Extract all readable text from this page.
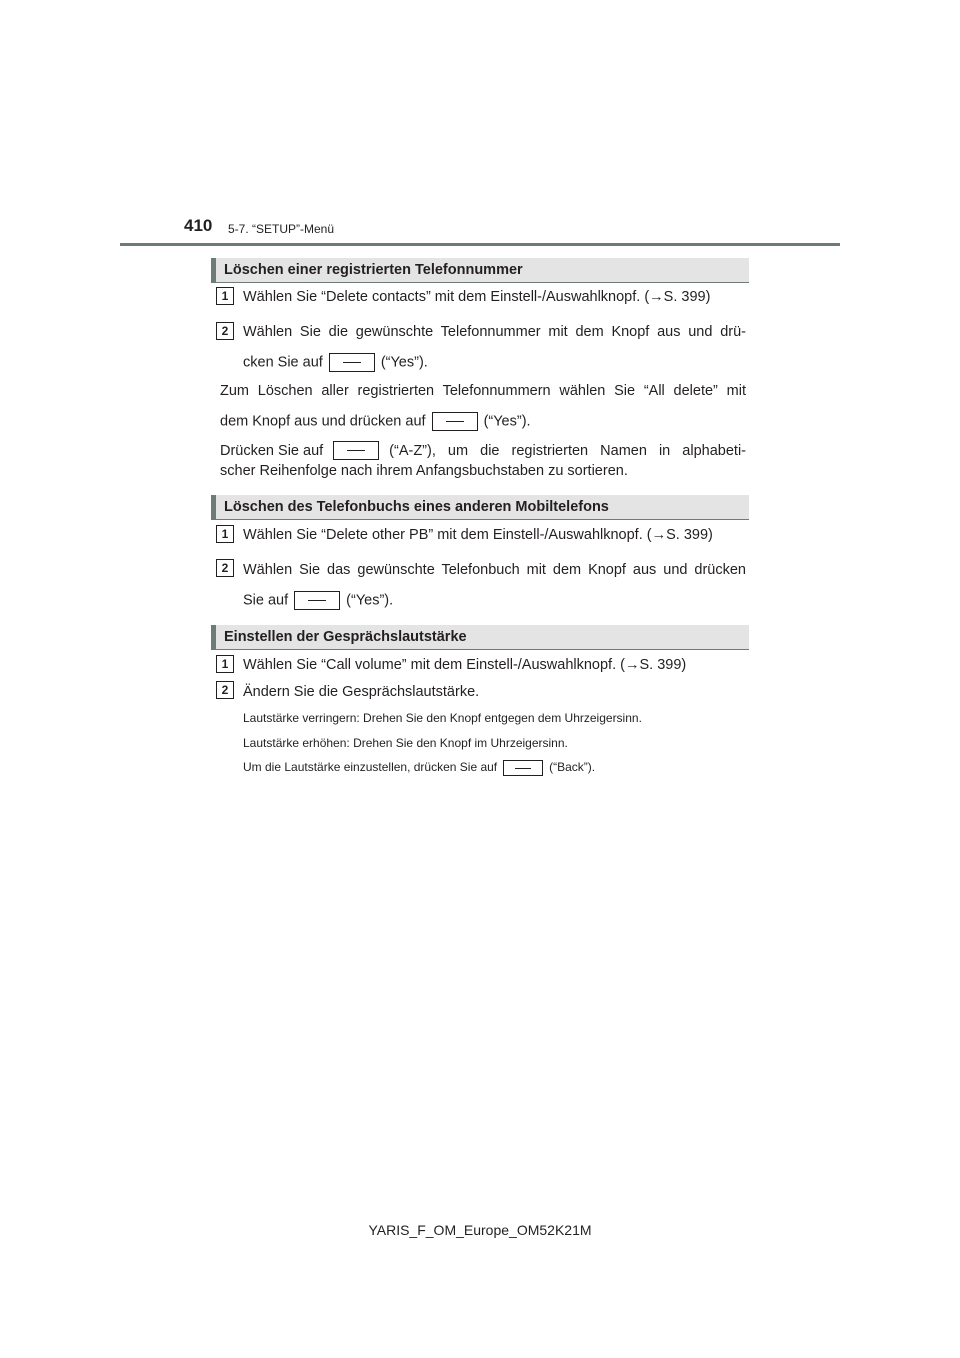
410 5-7. “SETUP”-Menü
Löschen einer registrierten Telefonnummer
1	Wählen Sie “Delete contacts” mit dem Einstell-/Auswahlknopf. (→S. 399)
2	Wählen Sie die gewünschte Telefonnummer mit dem Knopf aus und drü-
cken Sie auf	(“Yes”).
Zum Löschen aller registrierten Telefonnummern wählen Sie “All delete” mit
dem Knopf aus und drücken auf	(“Yes”).
Drücken Sie auf	(“A-Z”), um die registrierten Namen in alphabeti-
scher Reihenfolge nach ihrem Anfangsbuchstaben zu sortieren.
Löschen des Telefonbuchs eines anderen Mobiltelefons
1	Wählen Sie “Delete other PB” mit dem Einstell-/Auswahlknopf. (→S. 399)
2	Wählen Sie das gewünschte Telefonbuch mit dem Knopf aus und drücken
Sie auf	(“Yes”).
Einstellen der Gesprächslautstärke
1	Wählen Sie “Call volume” mit dem Einstell-/Auswahlknopf. (→S. 399)
2	Ändern Sie die Gesprächslautstärke.
Lautstärke verringern: Drehen Sie den Knopf entgegen dem Uhrzeigersinn.
Lautstärke erhöhen: Drehen Sie den Knopf im Uhrzeigersinn.
Um die Lautstärke einzustellen, drücken Sie auf	(“Back”).
YARIS_F_OM_Europe_OM52K21M
